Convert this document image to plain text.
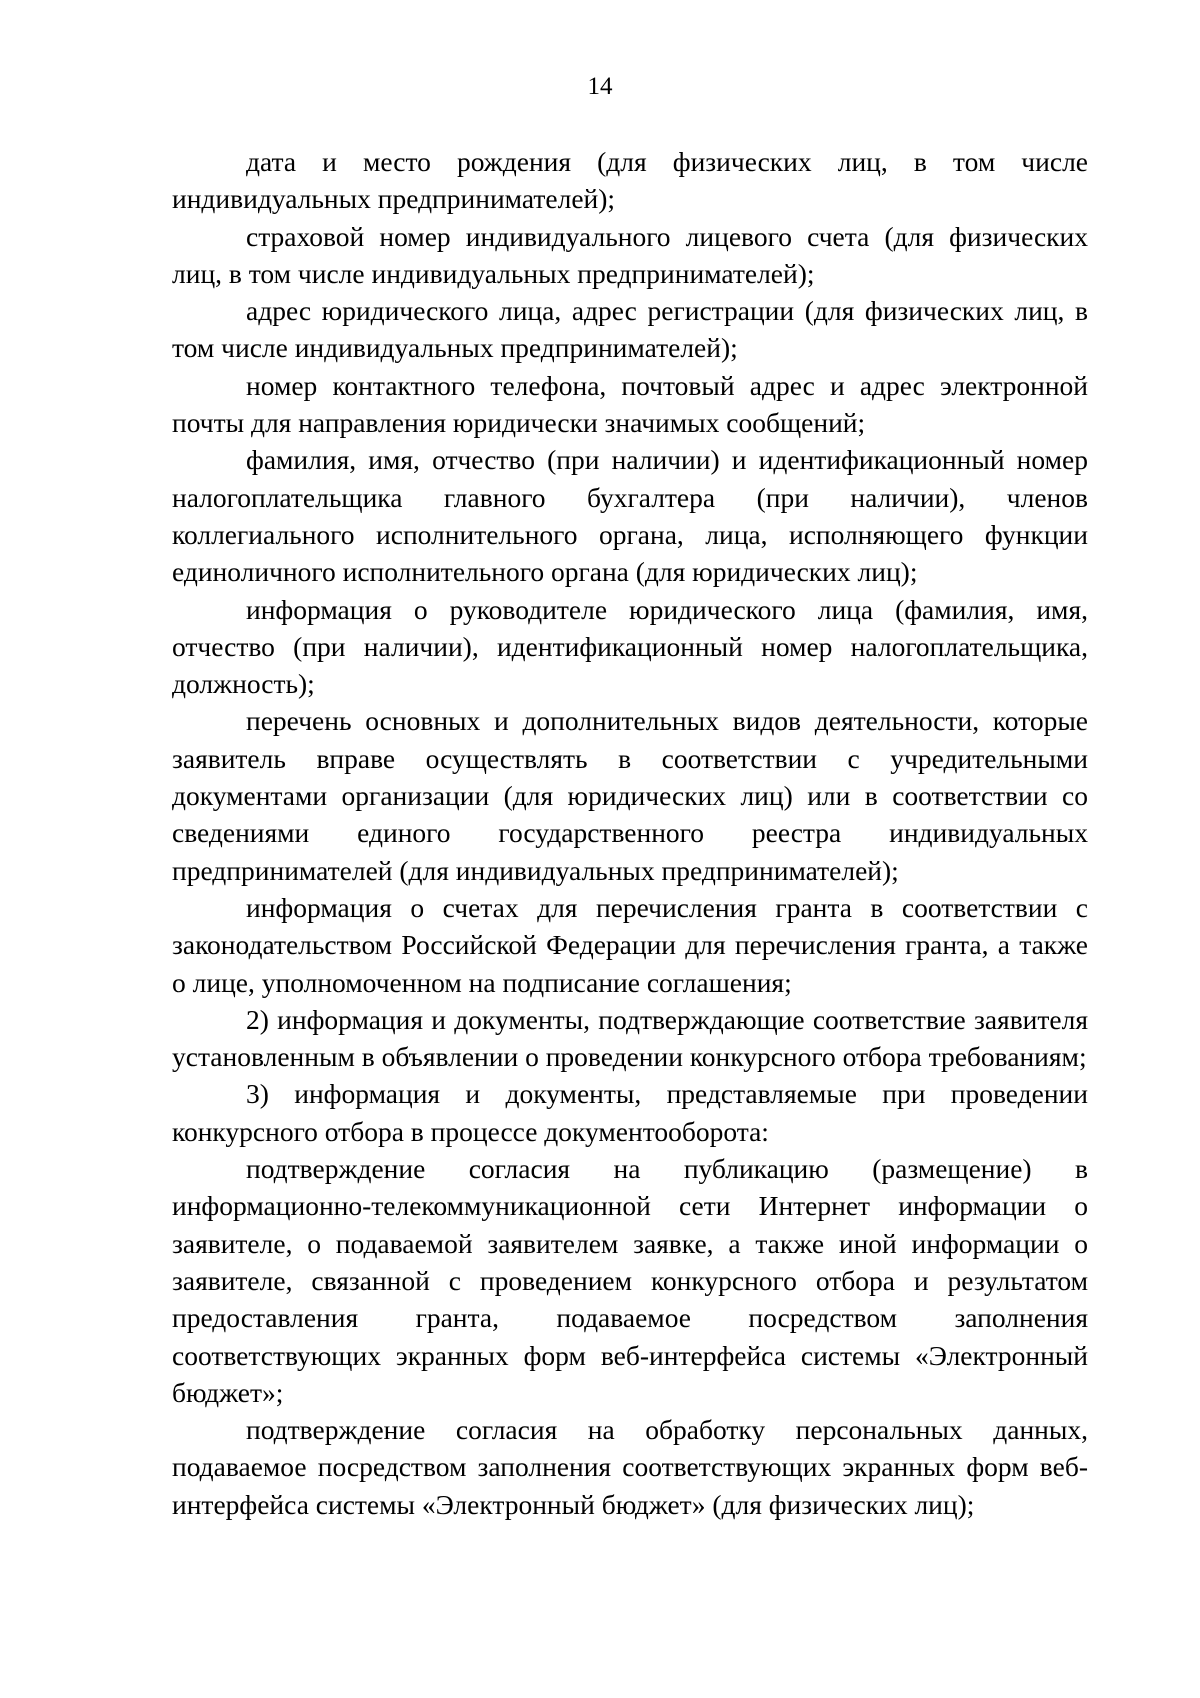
14

дата и место рождения (для физических лиц, в том числе индивидуальных предпринимателей);

страховой номер индивидуального лицевого счета (для физических лиц, в том числе индивидуальных предпринимателей);

адрес юридического лица, адрес регистрации (для физических лиц, в том числе индивидуальных предпринимателей);

номер контактного телефона, почтовый адрес и адрес электронной почты для направления юридически значимых сообщений;

фамилия, имя, отчество (при наличии) и идентификационный номер налогоплательщика главного бухгалтера (при наличии), членов коллегиального исполнительного органа, лица, исполняющего функции единоличного исполнительного органа (для юридических лиц);

информация о руководителе юридического лица (фамилия, имя, отчество (при наличии), идентификационный номер налогоплательщика, должность);

перечень основных и дополнительных видов деятельности, которые заявитель вправе осуществлять в соответствии с учредительными документами организации (для юридических лиц) или в соответствии со сведениями единого государственного реестра индивидуальных предпринимателей (для индивидуальных предпринимателей);

информация о счетах для перечисления гранта в соответствии с законодательством Российской Федерации для перечисления гранта, а также о лице, уполномоченном на подписание соглашения;

2) информация и документы, подтверждающие соответствие заявителя установленным в объявлении о проведении конкурсного отбора требованиям;

3) информация и документы, представляемые при проведении конкурсного отбора в процессе документооборота:

подтверждение согласия на публикацию (размещение) в информационно-телекоммуникационной сети Интернет информации о заявителе, о подаваемой заявителем заявке, а также иной информации о заявителе, связанной с проведением конкурсного отбора и результатом предоставления гранта, подаваемое посредством заполнения соответствующих экранных форм веб-интерфейса системы «Электронный бюджет»;

подтверждение согласия на обработку персональных данных, подаваемое посредством заполнения соответствующих экранных форм веб-интерфейса системы «Электронный бюджет» (для физических лиц);
